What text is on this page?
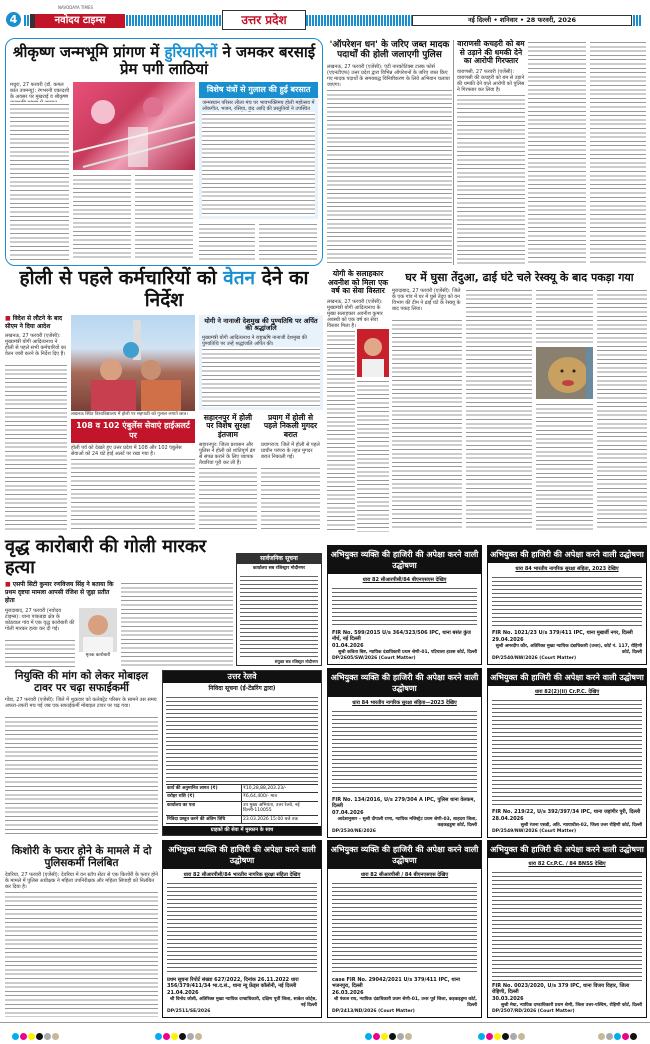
4
NAVODAYA TIMES
नवोदय टाइम्स	उत्तर प्रदेश	नई दिल्ली • शनिवार • 28 फरवरी, 2026
श्रीकृष्ण जन्मभूमि प्रांगण में हुरियारिनों ने जमकर बरसाई प्रेम पगी लाठियां
मथुरा, 27 फरवरी (डॉ. कमल कांत उपमन्यु): रंगभरनी एकादशी के अवसर पर मुखराई व श्रीकृष्ण
विशेष यंत्रों से गुलाल की हुई बरसात
जन्मस्थान परिसर लीला मंच पर भावभक्तिमय होली महोत्सव में लोकगीत, भजन, रसिया, छंद आदि की प्रस्तुतियों ने उपस्थित
'ऑपरेशन धन' के जरिए जब्त मादक पदार्थों की होली जलाएगी पुलिस
लखनऊ, 27 फरवरी (एजेंसी): एंटी नारकोटिक्स टास्क फोर्स (एएनटीएफ) उत्तर प्रदेश द्वारा विभिन्न ऑपरेशनों के जरिए जब्त किए गए मादक पदार्थों के समयबद्ध विनिष्टीकरण के लिये अभियान चलाया जाएगा।
वाराणसी कचहरी को बम से उड़ाने की धमकी देने का आरोपी गिरफ्तार
वाराणसी, 27 फरवरी (एजेंसी): वाराणसी की कचहरी को बम से उड़ाने की धमकी देने वाले आरोपी को पुलिस ने गिरफ्तार कर लिया है।
होली से पहले कर्मचारियों को वेतन देने का निर्देश
■ विदेश से लौटने के बाद सीएम ने दिया आदेश
लखनऊ, 27 फरवरी (एजेंसी): मुख्यमंत्री योगी आदित्यनाथ ने होली से पहले सभी कर्मचारियों का वेतन जारी करने के निर्देश दिए हैं।
लखनऊ स्थित विश्वविद्यालय में होली पर सहपाठी को गुलाल लगाते छात्र।
108 व 102 एंबुलेंस सेवाएं हाईअलर्ट पर
होली पर्व को देखते हुए उत्तर प्रदेश में 108 और 102 एंबुलेंस सेवाओं को 24 घंटे हाई अलर्ट पर रखा गया है।
योगी ने नानाजी देशमुख की पुण्यतिथि पर अर्पित की श्रद्धांजलि
मुख्यमंत्री योगी आदित्यनाथ ने राष्ट्रऋषि नानाजी देशमुख की पुण्यतिथि पर उन्हें श्रद्धांजलि अर्पित की।
सहारनपुर में होली पर विशेष सुरक्षा इंतजाम
सहारनपुर: जिला प्रशासन और पुलिस ने होली को शांतिपूर्ण ढंग से संपन्न कराने के लिए व्यापक तैयारियां पूरी कर ली हैं।
प्रयाग में होली से पहले निकली मुगदर बरात
प्रयागराज: जिले में होली से पहले प्राचीन परंपरा के तहत मुगदर बरात निकाली गई।
योगी के सलाहकार अवनीश को मिला एक वर्ष का सेवा विस्तार
लखनऊ, 27 फरवरी (एजेंसी): मुख्यमंत्री योगी आदित्यनाथ के मुख्य सलाहकार अवनीश कुमार अवस्थी को एक वर्ष का सेवा विस्तार मिला है।
घर में घुसा तेंदुआ, ढाई घंटे चले रेस्क्यू के बाद पकड़ा गया
मुरादाबाद, 27 फरवरी (एजेंसी): जिले के एक गांव में घर में घुसे तेंदुए को वन विभाग की टीम ने ढाई घंटे के रेस्क्यू के बाद पकड़ लिया।
वृद्ध कारोबारी की गोली मारकर हत्या
■ एसपी सिटी कुमार रणविजय सिंह ने बताया कि प्रथम दृष्टया मामला आपसी रंजिश से जुड़ा प्रतीत होता
मुरादाबाद, 27 फरवरी (नवोदय टाइम्स): थाना पाकबड़ा क्षेत्र के कोठवाल गांव में एक वृद्ध कारोबारी की गोली मारकर हत्या कर दी गई।
मृतक कारोबारी
सार्वजनिक सूचना
कार्यालय सब रजिस्ट्रार मोदीनगर
संयुक्त सब रजिस्ट्रार मोदीनगर
नियुक्ति की मांग को लेकर मोबाइल टावर पर चढ़ा सफाईकर्मी
गोंडा, 27 फरवरी (एजेंसी): जिले में शुक्रवार को कलेक्ट्रेट परिसर के सामने उस समय अफरा-तफरी मच गई जब एक सफाईकर्मी मोबाइल टावर पर चढ़ गया।
उत्तर रेलवे
निविदा सूचना (ई-टेंडरिंग द्वारा)
कार्य की अनुमानित लागत (₹)	₹10,28,88,203.23/-
धरोहर राशि (₹)	₹6,64,400/- मात्र
कार्यालय का पता	उप मुख्य अभियंता, उत्तर रेलवे, नई दिल्ली-110055
निविदा प्रस्तुत करने की अंतिम तिथि	23.03.2026 15:00 बजे तक
ग्राहकों की सेवा में मुस्कान के साथ
किशोरी के फरार होने के मामले में दो पुलिसकर्मी निलंबित
देवरिया, 27 फरवरी (एजेंसी): देवरिया में वन स्टॉप सेंटर से एक किशोरी के फरार होने के मामले में पुलिस अधीक्षक ने महिला उपनिरीक्षक और महिला सिपाही को निलंबित कर दिया है।
अभियुक्त व्यक्ति की हाजिरी की अपेक्षा करने वाली उद्घोषणा
धारा 82 सीआरपीसी/84 बीएनएसएस देखिए
FIR No. 599/2015 U/s 364/323/506 IPC, थाना बसंत कुंज नॉर्थ, नई दिल्ली
01.04.2026
सुश्री कविता बिष्ट, न्यायिक दंडाधिकारी प्रथम श्रेणी-01, पटियाला हाउस कोर्ट, दिल्ली
DP/2605/SW/2026 (Court Matter)
अभियुक्त की हाजिरी की अपेक्षा करने वाली उद्घोषणा
धारा 84 भारतीय नागरिक सुरक्षा संहिता, 2023 देखिए
FIR No. 1021/23 U/s 379/411 IPC, थाना मुखर्जी नगर, दिल्ली
29.04.2026
सुश्री अमरदीप कौर, अतिरिक्त मुख्य न्यायिक दंडाधिकारी (उत्तर), कोर्ट नं. 117, रोहिणी कोर्ट, दिल्ली
DP/2540/NW/2026 (Court Matter)
अभियुक्त व्यक्ति की हाजिरी की अपेक्षा करने वाली उद्घोषणा
धारा 84 भारतीय नागरिक सुरक्षा संहिता—2023 देखिए
FIR No. 134/2016, U/s 279/304 A IPC, पुलिस थाना वेलकम, दिल्ली
07.04.2026
आदेशानुसार – सुश्री दीपाली राणा, न्यायिक मजिस्ट्रेट प्रथम श्रेणी-03, शाहदरा जिला, कड़कड़डूमा कोर्ट, दिल्ली
DP/2530/NE/2026
अभियुक्त की हाजिरी की अपेक्षा करने वाली उद्घोषणा
धारा 82(2)(ii) Cr.P.C. देखिए
FIR No. 219/22, U/s 392/397/34 IPC, थाना जहांगीर पुरी, दिल्ली
28.04.2026
सुश्री रंजना एसडी, अति. न्यायाधीश-02, जिला उत्तर रोहिणी कोर्ट, दिल्ली
DP/2549/NW/2026 (Court Matter)
अभियुक्त व्यक्ति की हाजिरी की अपेक्षा करने वाली उद्घोषणा
धारा 82 सीआरपीसी/84 भारतीय नागरिक सुरक्षा संहिता देखिए
प्रथम सूचना रिपोर्ट संख्या 627/2022, दिनांक 26.11.2022 धारा 356/379/411/34 भा.द.सं., थाना न्यू फ्रेंड्स कॉलोनी, नई दिल्ली
21.04.2026
श्री विनोद जोशी, अतिरिक्त मुख्य न्यायिक दण्डाधिकारी, दक्षिण पूर्वी जिला, साकेत कोर्ट्स, नई दिल्ली
DP/2511/SE/2026
अभियुक्त व्यक्ति की हाजिरी की अपेक्षा करने वाली उद्घोषणा
धारा 82 सीआरपीसी / 84 बीएनएसएस देखिए
case FIR No. 29042/2021 U/s 379/411 IPC, थाना भजनपुरा, दिल्ली
26.03.2026
श्री पंकज राय, न्यायिक दंडाधिकारी प्रथम श्रेणी-01, उत्तर पूर्व जिला, कड़कड़डूमा कोर्ट, दिल्ली
DP/2413/ND/2026 (Court Matter)
अभियुक्त की हाजिरी की अपेक्षा करने वाली उद्घोषणा
धारा 82 Cr.P.C. / 84 BNSS देखिए
FIR No. 0023/2020, U/s 379 IPC, थाना विजय विहार, जिला रोहिणी, दिल्ली
30.03.2026
सुश्री मेघा, न्यायिक दण्डाधिकारी प्रथम श्रेणी, जिला उत्तर-पश्चिम, रोहिणी कोर्ट, दिल्ली
DP/2507/RD/2026 (Court Matter)
